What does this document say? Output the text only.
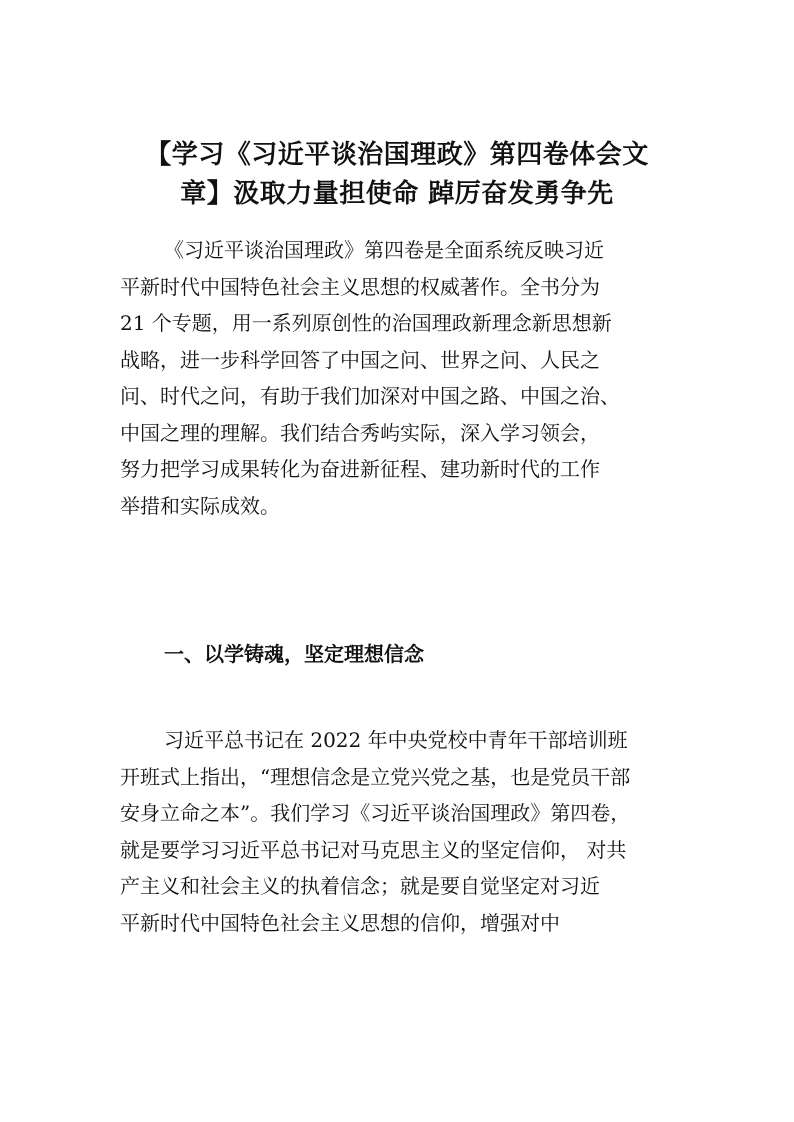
【学习《习近平谈治国理政》第四卷体会文
章】汲取力量担使命 踔厉奋发勇争先
《习近平谈治国理政》第四卷是全面系统反映习近
平新时代中国特色社会主义思想的权威著作。全书分为
21 个专题，用一系列原创性的治国理政新理念新思想新
战略，进一步科学回答了中国之问、世界之问、人民之
问、时代之问，有助于我们加深对中国之路、中国之治、
中国之理的理解。我们结合秀屿实际，深入学习领会，
努力把学习成果转化为奋进新征程、建功新时代的工作
举措和实际成效。
一、以学铸魂，坚定理想信念
习近平总书记在 2022 年中央党校中青年干部培训班
开班式上指出，“理想信念是立党兴党之基，也是党员干部
安身立命之本”。我们学习《习近平谈治国理政》第四卷，
就是要学习习近平总书记对马克思主义的坚定信仰， 对共
产主义和社会主义的执着信念；就是要自觉坚定对习近
平新时代中国特色社会主义思想的信仰，增强对中
